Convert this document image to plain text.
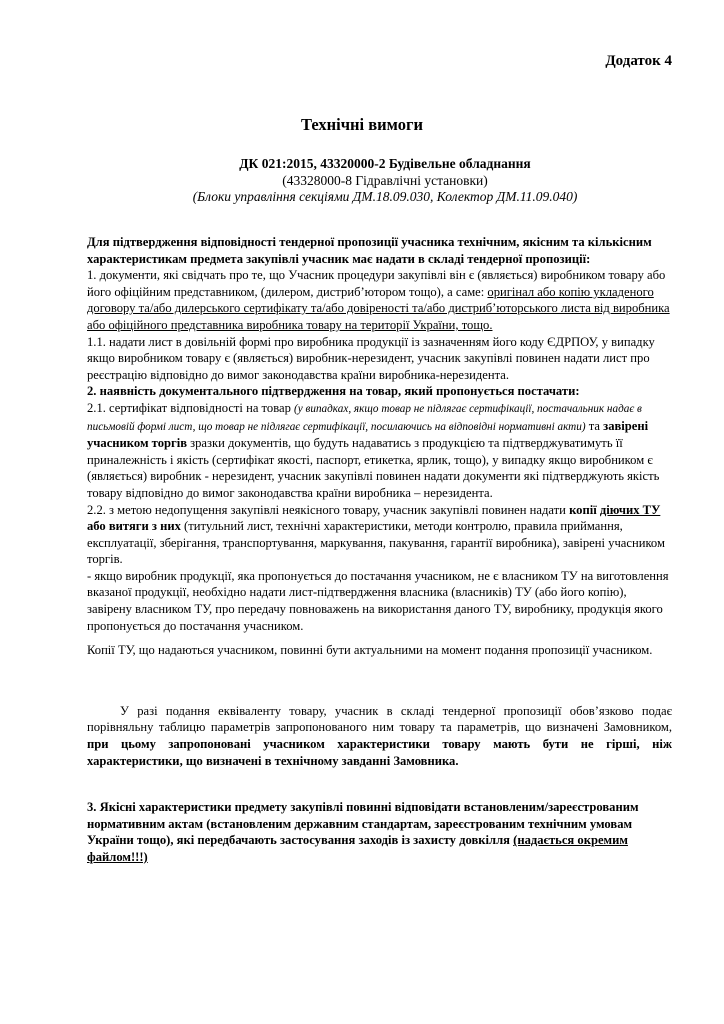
Додаток 4
Технічні вимоги
ДК 021:2015, 43320000-2 Будівельне обладнання
(43328000-8 Гідравлічні установки)
(Блоки управління секціями ДМ.18.09.030, Колектор ДМ.11.09.040)

Для підтвердження відповідності тендерної пропозиції учасника технічним, якісним та кількісним характеристикам предмета закупівлі учасник має надати в складі тендерної пропозиції:

1. документи, які свідчать про те, що Учасник процедури закупівлі він є (являється) виробником товару або його офіційним представником, (дилером, дистриб’ютором тощо), а саме: оригінал або копію укладеного договору та/або дилерського сертифікату та/або довіреності та/або дистриб’юторського листа від виробника або офіційного представника виробника товару на території України, тощо.

1.1. надати лист в довільній формі про виробника продукції із зазначенням його коду ЄДРПОУ, у випадку якщо виробником товару є (являється) виробник-нерезидент, учасник закупівлі повинен надати лист про реєстрацію відповідно до вимог законодавства країни виробника-нерезидента.

2. наявність документального підтвердження на товар, який пропонується постачати:

2.1. сертифікат відповідності на товар (у випадках, якщо товар не підлягає сертифікації, постачальник надає в письмовій формі лист, що товар не підлягає сертифікації, посилаючись на відповідні нормативні акти) та завірені учасником торгів зразки документів, що будуть надаватись з продукцією та підтверджуватимуть її приналежність і якість (сертифікат якості, паспорт, етикетка, ярлик, тощо), у випадку якщо виробником є (являється) виробник - нерезидент, учасник закупівлі повинен надати документи які підтверджують якість товару відповідно до вимог законодавства країни виробника – нерезидента.

2.2. з метою недопущення закупівлі неякісного товару, учасник закупівлі повинен надати копії діючих ТУ або витяги з них (титульний лист, технічні характеристики, методи контролю, правила приймання, експлуатації, зберігання, транспортування, маркування, пакування, гарантії виробника), завірені учасником торгів.

- якщо виробник продукції, яка пропонується до постачання учасником, не є власником ТУ на виготовлення вказаної продукції, необхідно надати лист-підтвердження власника (власників) ТУ (або його копію), завірену власником ТУ, про передачу повноважень на використання даного ТУ, виробнику, продукція якого пропонується до постачання учасником.

Копії ТУ, що надаються учасником, повинні бути актуальними на момент подання пропозиції учасником.

У разі подання еквіваленту товару, учасник в складі тендерної пропозиції обов’язково подає порівняльну таблицю параметрів запропонованого ним товару та параметрів, що визначені Замовником, при цьому запропоновані учасником характеристики товару мають бути не гірші, ніж характеристики, що визначені в технічному завданні Замовника.

3. Якісні характеристики предмету закупівлі повинні відповідати встановленим/зареєстрованим нормативним актам (встановленим державним стандартам, зареєстрованим технічним умовам України тощо), які передбачають застосування заходів із захисту довкілля (надається окремим файлом!!!)
